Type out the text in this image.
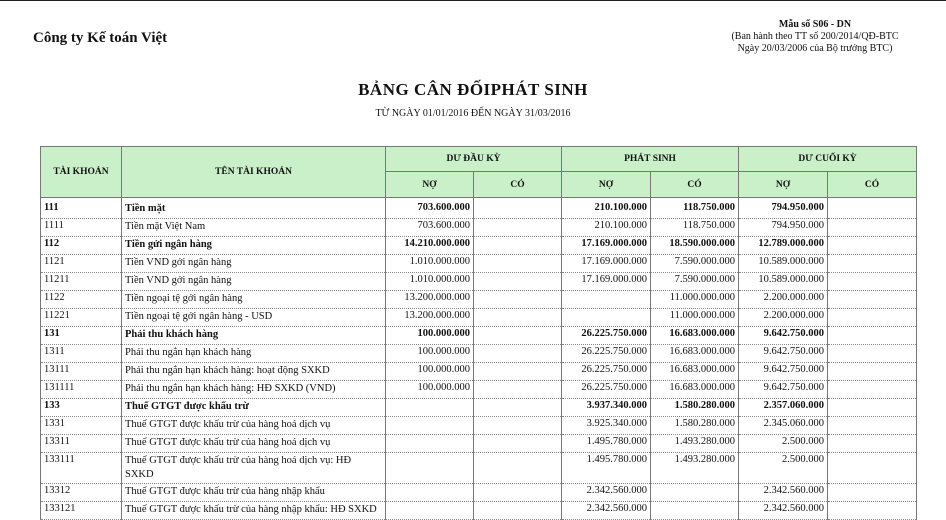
Công ty Kế toán Việt
Mẫu số S06 - DN
(Ban hành theo TT số 200/2014/QĐ-BTC
Ngày 20/03/2006 của Bộ trưởng BTC)
BẢNG CÂN ĐỐIPHÁT SINH
TỪ NGÀY 01/01/2016 ĐẾN NGÀY 31/03/2016
TÀI KHOẢN	TÊN TÀI KHOẢN	DƯ ĐẦU KỲ		PHÁT SINH		DƯ CUỐI KỲ	
		NỢ	CÓ	NỢ	CÓ	NỢ	CÓ

111	Tiền mặt	703.600.000		210.100.000	118.750.000	794.950.000	
1111	Tiền mặt Việt Nam	703.600.000		210.100.000	118.750.000	794.950.000	
112	Tiền gửi ngân hàng	14.210.000.000		17.169.000.000	18.590.000.000	12.789.000.000	
1121	Tiền VND gởi ngân hàng	1.010.000.000		17.169.000.000	7.590.000.000	10.589.000.000	
11211	Tiền VND gởi ngân hàng	1.010.000.000		17.169.000.000	7.590.000.000	10.589.000.000	
1122	Tiền ngoại tệ gởi ngân hàng	13.200.000.000			11.000.000.000	2.200.000.000	
11221	Tiền ngoại tệ gởi ngân hàng - USD	13.200.000.000			11.000.000.000	2.200.000.000	
131	Phải thu khách hàng	100.000.000		26.225.750.000	16.683.000.000	9.642.750.000	
1311	Phải thu ngắn hạn khách hàng	100.000.000		26.225.750.000	16.683.000.000	9.642.750.000	
13111	Phải thu ngắn hạn khách hàng: hoạt động SXKD	100.000.000		26.225.750.000	16.683.000.000	9.642.750.000	
131111	Phải thu ngắn hạn khách hàng: HĐ SXKD (VND)	100.000.000		26.225.750.000	16.683.000.000	9.642.750.000	
133	Thuế GTGT được khấu trừ			3.937.340.000	1.580.280.000	2.357.060.000	
1331	Thuế GTGT được khấu trừ của hàng hoá dịch vụ			3.925.340.000	1.580.280.000	2.345.060.000	
13311	Thuế GTGT được khấu trừ của hàng hoá dịch vụ			1.495.780.000	1.493.280.000	2.500.000	
133111	Thuế GTGT được khấu trừ của hàng hoá dịch vụ: HĐ SXKD			1.495.780.000	1.493.280.000	2.500.000	
13312	Thuế GTGT được khấu trừ của hàng nhập khẩu			2.342.560.000		2.342.560.000	
133121	Thuế GTGT được khấu trừ của hàng nhập khẩu: HĐ SXKD			2.342.560.000		2.342.560.000	
